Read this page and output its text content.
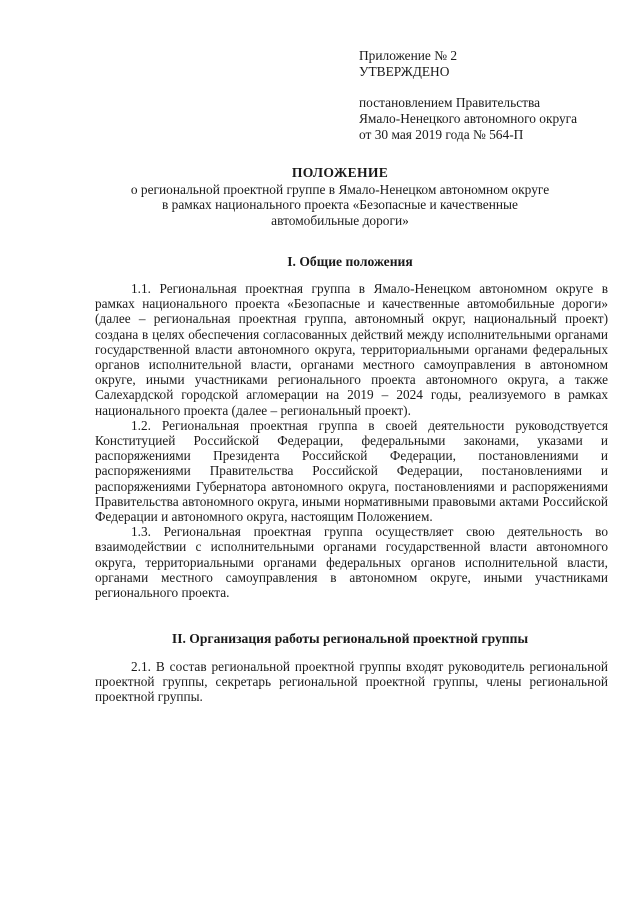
Приложение № 2
УТВЕРЖДЕНО
постановлением Правительства
Ямало-Ненецкого автономного округа
от 30 мая 2019 года № 564-П
ПОЛОЖЕНИЕ
о региональной проектной группе в Ямало-Ненецком автономном округе
в рамках национального проекта «Безопасные и качественные
автомобильные дороги»
I. Общие положения

1.1. Региональная проектная группа в Ямало-Ненецком автономном округе в рамках национального проекта «Безопасные и качественные автомобильные дороги» (далее – региональная проектная группа, автономный округ, национальный проект) создана в целях обеспечения согласованных действий между исполнительными органами государственной власти автономного округа, территориальными органами федеральных органов исполнительной власти, органами местного самоуправления в автономном округе, иными участниками регионального проекта автономного округа, а также Салехардской городской агломерации на 2019 – 2024 годы, реализуемого в рамках национального проекта (далее – региональный проект).

1.2. Региональная проектная группа в своей деятельности руководствуется Конституцией Российской Федерации, федеральными законами, указами и распоряжениями Президента Российской Федерации, постановлениями и распоряжениями Правительства Российской Федерации, постановлениями и распоряжениями Губернатора автономного округа, постановлениями и распоряжениями Правительства автономного округа, иными нормативными правовыми актами Российской Федерации и автономного округа, настоящим Положением.

1.3. Региональная проектная группа осуществляет свою деятельность во взаимодействии с исполнительными органами государственной власти автономного округа, территориальными органами федеральных органов исполнительной власти, органами местного самоуправления в автономном округе, иными участниками регионального проекта.

II. Организация работы региональной проектной группы

2.1. В состав региональной проектной группы входят руководитель региональной проектной группы, секретарь региональной проектной группы, члены региональной проектной группы.
